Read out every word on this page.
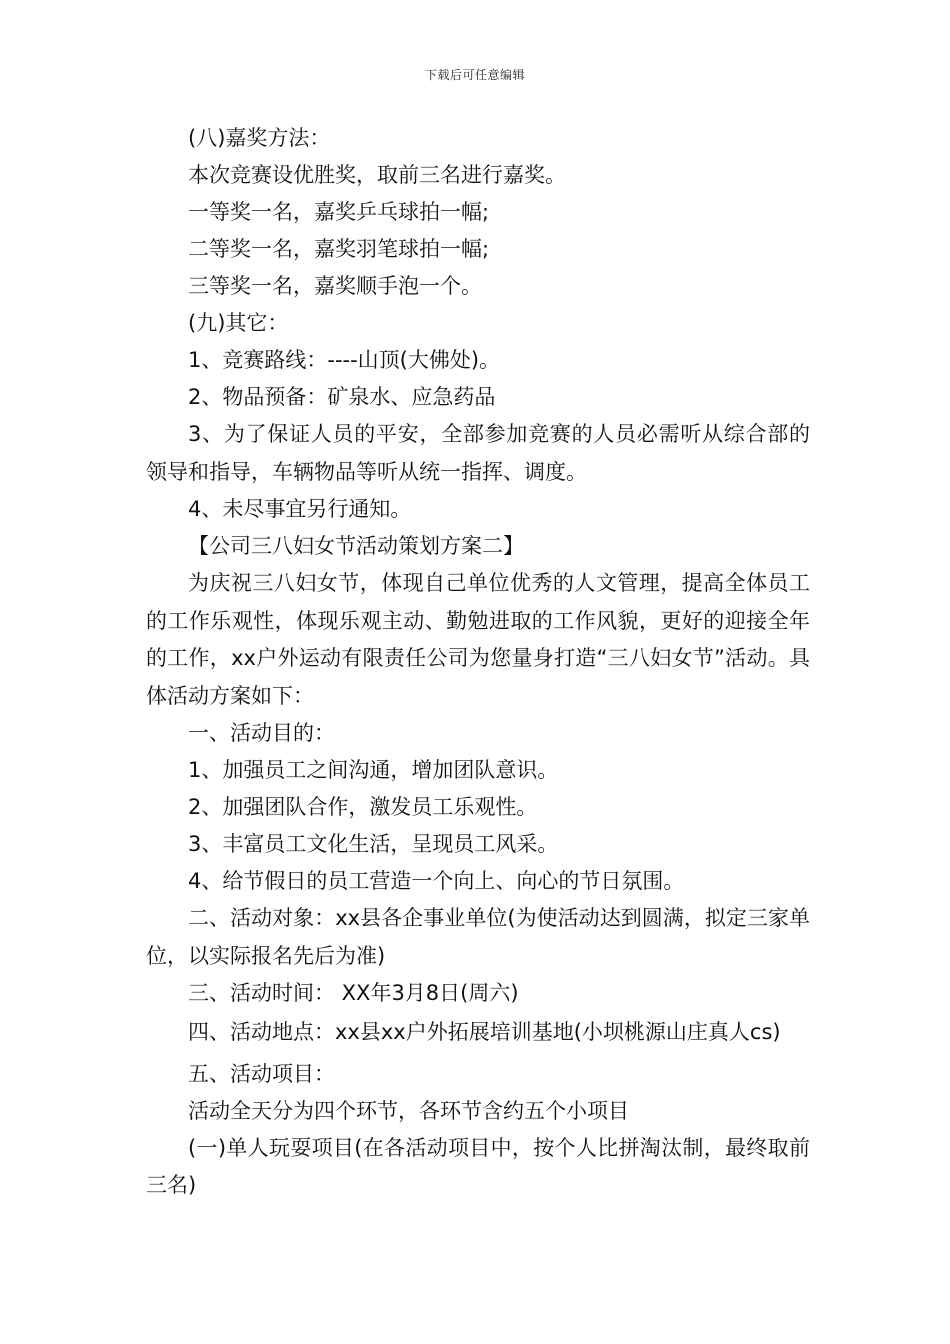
下载后可任意编辑

(八)嘉奖方法：

本次竞赛设优胜奖，取前三名进行嘉奖。

一等奖一名，嘉奖乒乓球拍一幅;

二等奖一名，嘉奖羽笔球拍一幅;

三等奖一名，嘉奖顺手泡一个。

(九)其它：

1、竞赛路线：----山顶(大佛处)。

2、物品预备：矿泉水、应急药品

3、为了保证人员的平安，全部参加竞赛的人员必需听从综合部的领导和指导，车辆物品等听从统一指挥、调度。

4、未尽事宜另行通知。

【公司三八妇女节活动策划方案二】

为庆祝三八妇女节，体现自己单位优秀的人文管理，提高全体员工的工作乐观性，体现乐观主动、勤勉进取的工作风貌，更好的迎接全年的工作，xx户外运动有限责任公司为您量身打造“三八妇女节”活动。具体活动方案如下：

一、活动目的：

1、加强员工之间沟通，增加团队意识。

2、加强团队合作，激发员工乐观性。

3、丰富员工文化生活，呈现员工风采。

4、给节假日的员工营造一个向上、向心的节日氛围。

二、活动对象：xx县各企事业单位(为使活动达到圆满，拟定三家单位，以实际报名先后为准)

三、活动时间： XX年3月8日(周六)

四、活动地点：xx县xx户外拓展培训基地(小坝桃源山庄真人cs)

五、活动项目：

活动全天分为四个环节，各环节含约五个小项目

(一)单人玩耍项目(在各活动项目中，按个人比拼淘汰制，最终取前三名)
